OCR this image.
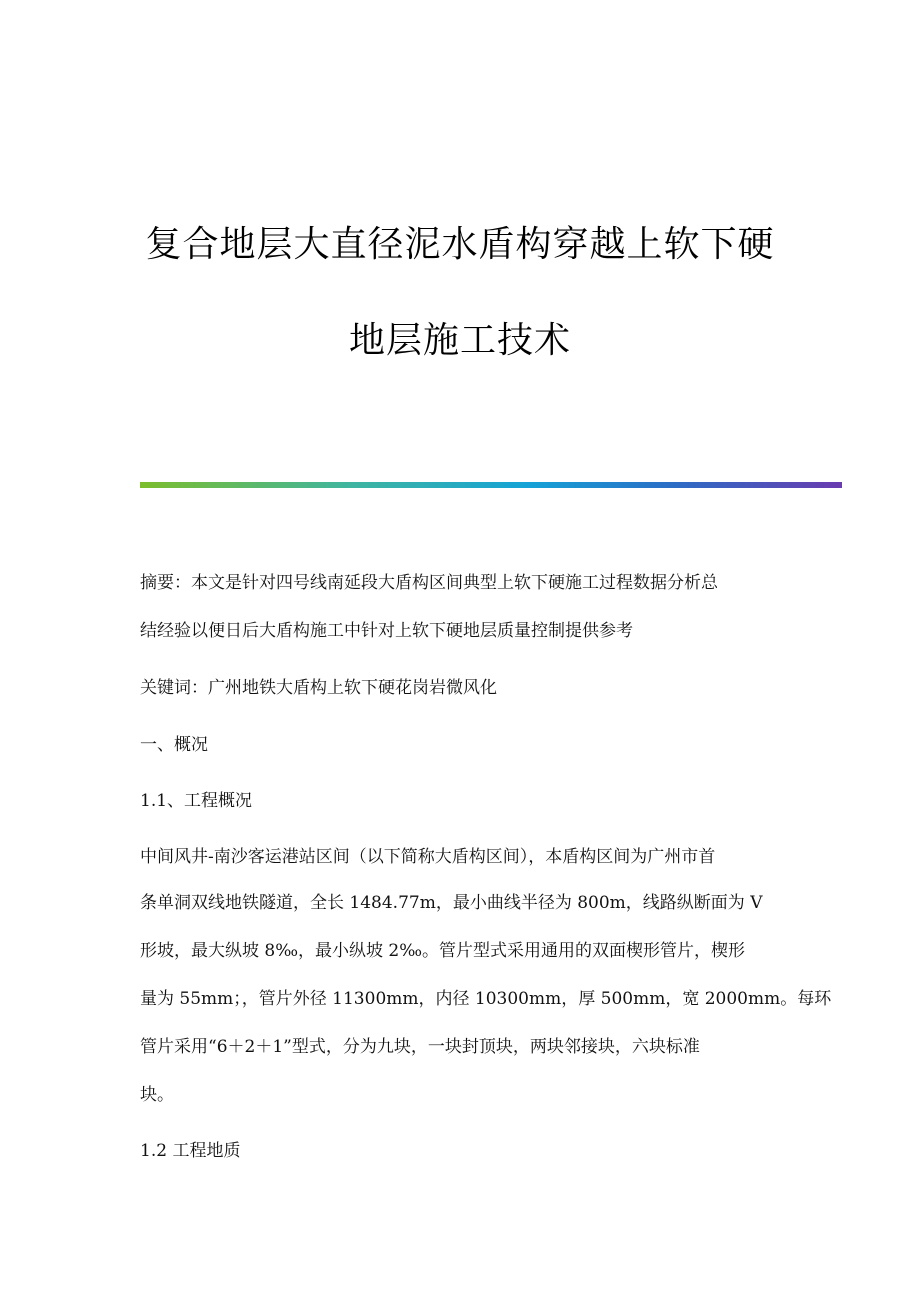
复合地层大直径泥水盾构穿越上软下硬
地层施工技术
摘要：本文是针对四号线南延段大盾构区间典型上软下硬施工过程数据分析总
结经验以便日后大盾构施工中针对上软下硬地层质量控制提供参考
关键词：广州地铁大盾构上软下硬花岗岩微风化
一、概况
1.1、工程概况
中间风井-南沙客运港站区间（以下简称大盾构区间），本盾构区间为广州市首
条单洞双线地铁隧道，全长 1484.77m，最小曲线半径为 800m，线路纵断面为 V
形坡，最大纵坡 8‰，最小纵坡 2‰。管片型式采用通用的双面楔形管片，楔形
量为 55mm；，管片外径 11300mm，内径 10300mm，厚 500mm，宽 2000mm。每环
管片采用“6＋2＋1”型式，分为九块，一块封顶块，两块邻接块，六块标准
块。
1.2 工程地质
